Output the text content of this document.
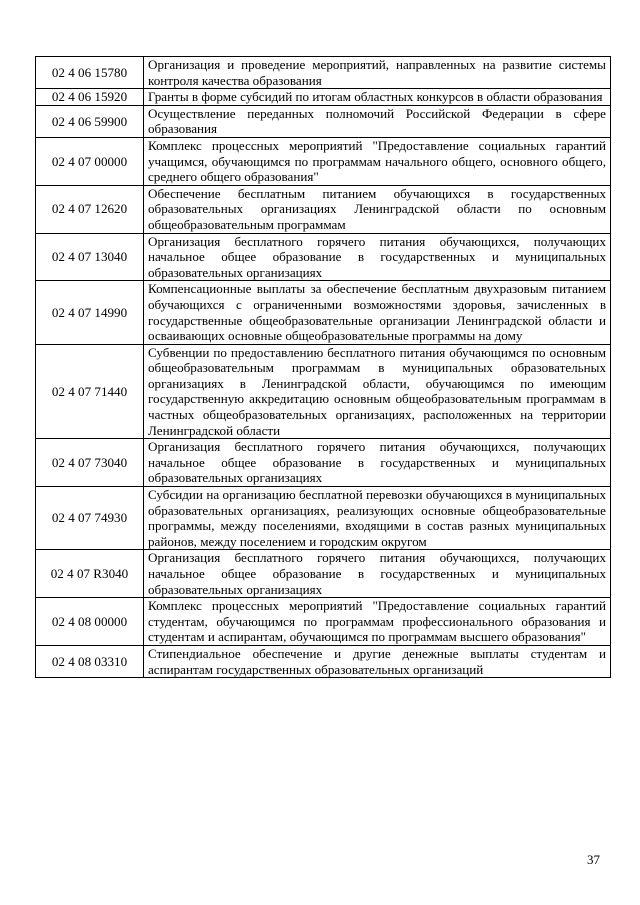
02 4 06 15780	Организация и проведение мероприятий, направленных на развитие системы контроля качества образования
02 4 06 15920	Гранты в форме субсидий по итогам областных конкурсов в области образования
02 4 06 59900	Осуществление переданных полномочий Российской Федерации в сфере образования
02 4 07 00000	Комплекс процессных мероприятий "Предоставление социальных гарантий учащимся, обучающимся по программам начального общего, основного общего, среднего общего образования"
02 4 07 12620	Обеспечение бесплатным питанием обучающихся в государственных образовательных организациях Ленинградской области по основным общеобразовательным программам
02 4 07 13040	Организация бесплатного горячего питания обучающихся, получающих начальное общее образование в государственных и муниципальных образовательных организациях
02 4 07 14990	Компенсационные выплаты за обеспечение бесплатным двухразовым питанием обучающихся с ограниченными возможностями здоровья, зачисленных в государственные общеобразовательные организации Ленинградской области и осваивающих основные общеобразовательные программы на дому
02 4 07 71440	Субвенции по предоставлению бесплатного питания обучающимся по основным общеобразовательным программам в муниципальных образовательных организациях в Ленинградской области, обучающимся по имеющим государственную аккредитацию основным общеобразовательным программам в частных общеобразовательных организациях, расположенных на территории Ленинградской области
02 4 07 73040	Организация бесплатного горячего питания обучающихся, получающих начальное общее образование в государственных и муниципальных образовательных организациях
02 4 07 74930	Субсидии на организацию бесплатной перевозки обучающихся в муниципальных образовательных организациях, реализующих основные общеобразовательные программы, между поселениями, входящими в состав разных муниципальных районов, между поселением и городским округом
02 4 07 R3040	Организация бесплатного горячего питания обучающихся, получающих начальное общее образование в государственных и муниципальных образовательных организациях
02 4 08 00000	Комплекс процессных мероприятий "Предоставление социальных гарантий студентам, обучающимся по программам профессионального образования и студентам и аспирантам, обучающимся по программам высшего образования"
02 4 08 03310	Стипендиальное обеспечение и другие денежные выплаты студентам и аспирантам государственных образовательных организаций
37
